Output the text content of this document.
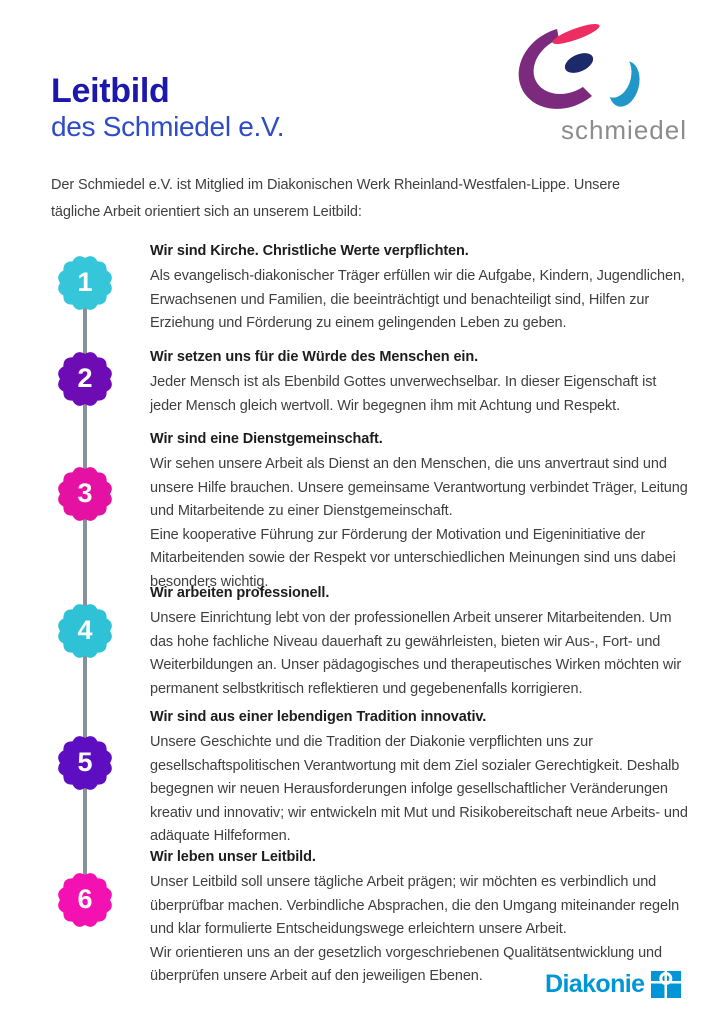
Leitbild
des Schmiedel e.V.	schmiedel

Der Schmiedel e.V. ist Mitglied im Diakonischen Werk Rheinland-Westfalen-Lippe. Unsere tägliche Arbeit orientiert sich an unserem Leitbild:

1
2
3
4
5
6
Wir sind Kirche. Christliche Werte verpflichten.

Als evangelisch-diakonischer Träger erfüllen wir die Aufgabe, Kindern, Jugendlichen, Erwachsenen und Familien, die beeinträchtigt und benachteiligt sind, Hilfen zur Erziehung und Förderung zu einem gelingenden Leben zu geben.

Wir setzen uns für die Würde des Menschen ein.

Jeder Mensch ist als Ebenbild Gottes unverwechselbar. In dieser Eigenschaft ist jeder Mensch gleich wertvoll. Wir begegnen ihm mit Achtung und Respekt.

Wir sind eine Dienstgemeinschaft.

Wir sehen unsere Arbeit als Dienst an den Menschen, die uns anvertraut sind und unsere Hilfe brauchen. Unsere gemeinsame Verantwortung verbindet Träger, Leitung und Mitarbeitende zu einer Dienstgemeinschaft.

Eine kooperative Führung zur Förderung der Motivation und Eigeninitiative der Mitarbeitenden sowie der Respekt vor unterschiedlichen Meinungen sind uns dabei besonders wichtig.

Wir arbeiten professionell.

Unsere Einrichtung lebt von der professionellen Arbeit unserer Mitarbeitenden. Um das hohe fachliche Niveau dauerhaft zu gewährleisten, bieten wir Aus-, Fort- und Weiterbildungen an. Unser pädagogisches und therapeutisches Wirken möchten wir permanent selbstkritisch reflektieren und gegebenenfalls korrigieren.

Wir sind aus einer lebendigen Tradition innovativ.

Unsere Geschichte und die Tradition der Diakonie verpflichten uns zur gesellschaftspolitischen Verantwortung mit dem Ziel sozialer Gerechtigkeit. Deshalb begegnen wir neuen Herausforderungen infolge gesellschaftlicher Veränderungen kreativ und innovativ; wir entwickeln mit Mut und Risikobereitschaft neue Arbeits- und adäquate Hilfeformen.

Wir leben unser Leitbild.

Unser Leitbild soll unsere tägliche Arbeit prägen; wir möchten es verbindlich und überprüfbar machen. Verbindliche Absprachen, die den Umgang miteinander regeln und klar formulierte Entscheidungswege erleichtern unsere Arbeit.

Wir orientieren uns an der gesetzlich vorgeschriebenen Qualitätsentwicklung und überprüfen unsere Arbeit auf den jeweiligen Ebenen.	Diakonie
